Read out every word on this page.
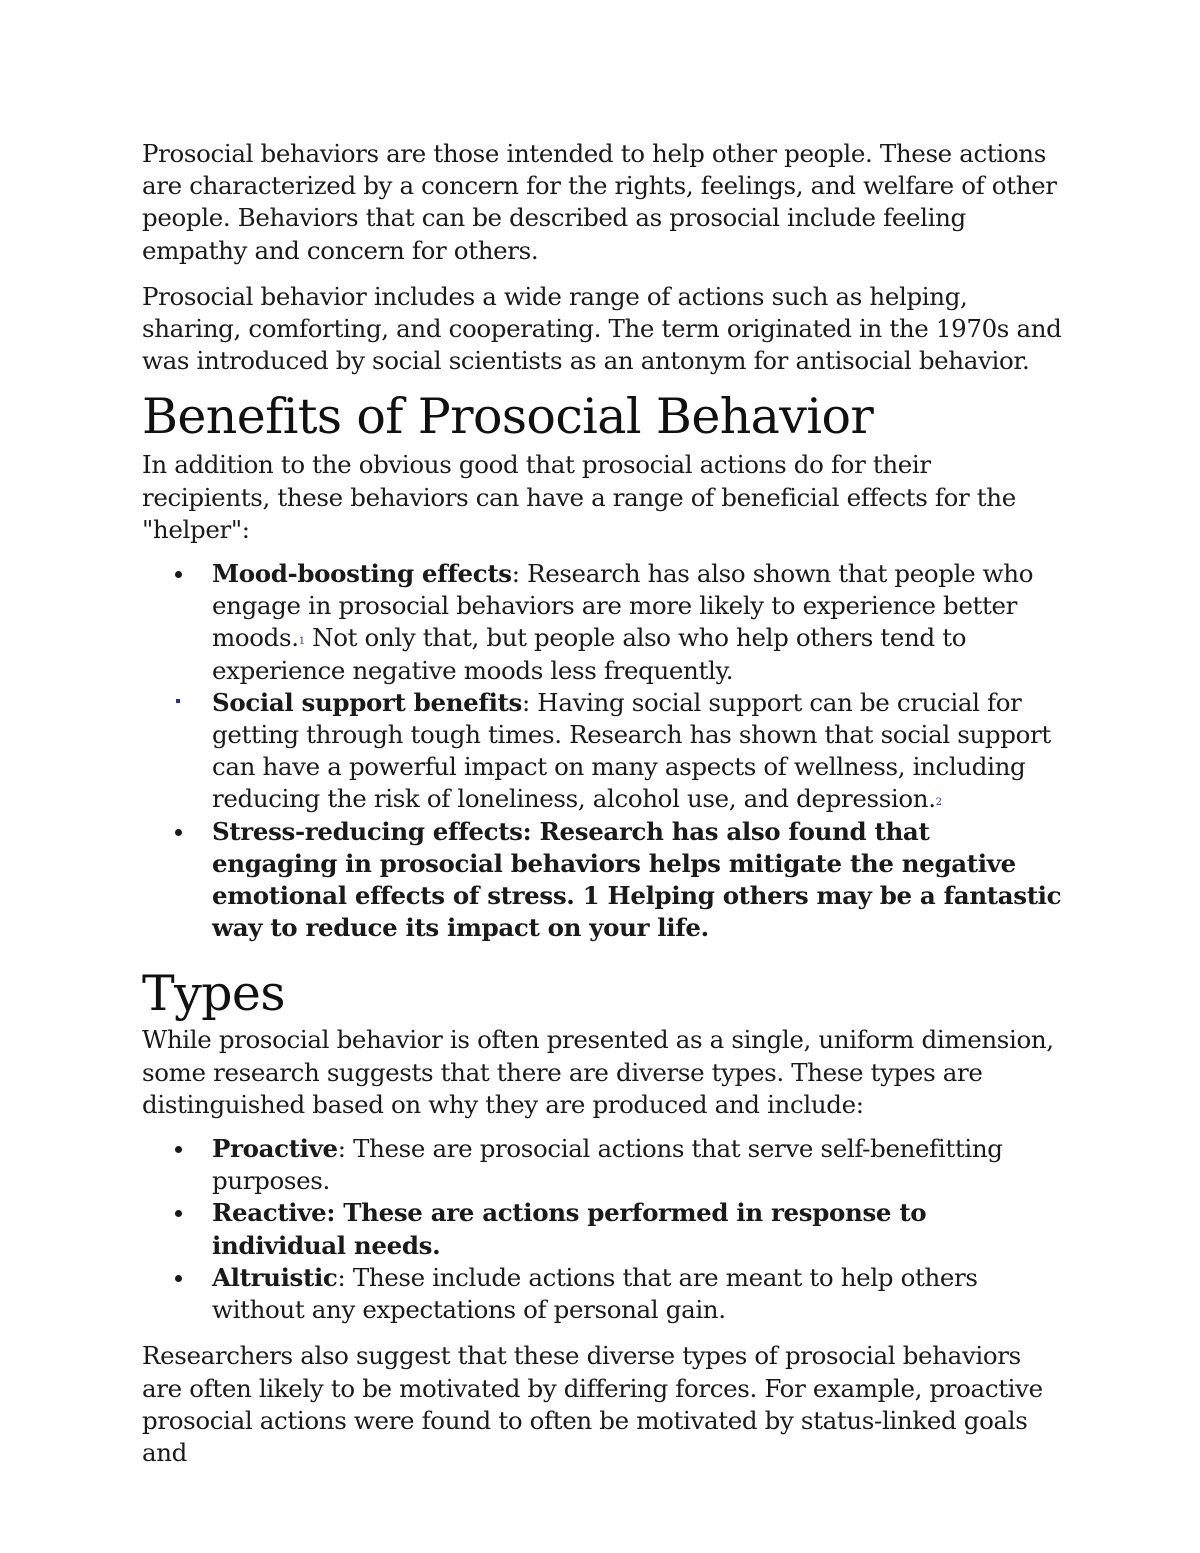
Prosocial behaviors are those intended to help other people. These actions are characterized by a concern for the rights, feelings, and welfare of other people. Behaviors that can be described as prosocial include feeling empathy and concern for others.

Prosocial behavior includes a wide range of actions such as helping, sharing, comforting, and cooperating. The term originated in the 1970s and was introduced by social scientists as an antonym for antisocial behavior.

Benefits of Prosocial Behavior

In addition to the obvious good that prosocial actions do for their recipients, these behaviors can have a range of beneficial effects for the "helper":

Mood-boosting effects: Research has also shown that people who engage in prosocial behaviors are more likely to experience better moods.$^1$ Not only that, but people also who help others tend to experience negative moods less frequently.
Social support benefits: Having social support can be crucial for getting through tough times. Research has shown that social support can have a powerful impact on many aspects of wellness, including reducing the risk of loneliness, alcohol use, and depression.$^2$
Stress-reducing effects: Research has also found that engaging in prosocial behaviors helps mitigate the negative emotional effects of stress. 1 Helping others may be a fantastic way to reduce its impact on your life.
Types

While prosocial behavior is often presented as a single, uniform dimension, some research suggests that there are diverse types. These types are distinguished based on why they are produced and include:

Proactive: These are prosocial actions that serve self-benefitting purposes.
Reactive: These are actions performed in response to individual needs.
Altruistic: These include actions that are meant to help others without any expectations of personal gain.

Researchers also suggest that these diverse types of prosocial behaviors are often likely to be motivated by differing forces. For example, proactive prosocial actions were found to often be motivated by status-linked goals and
